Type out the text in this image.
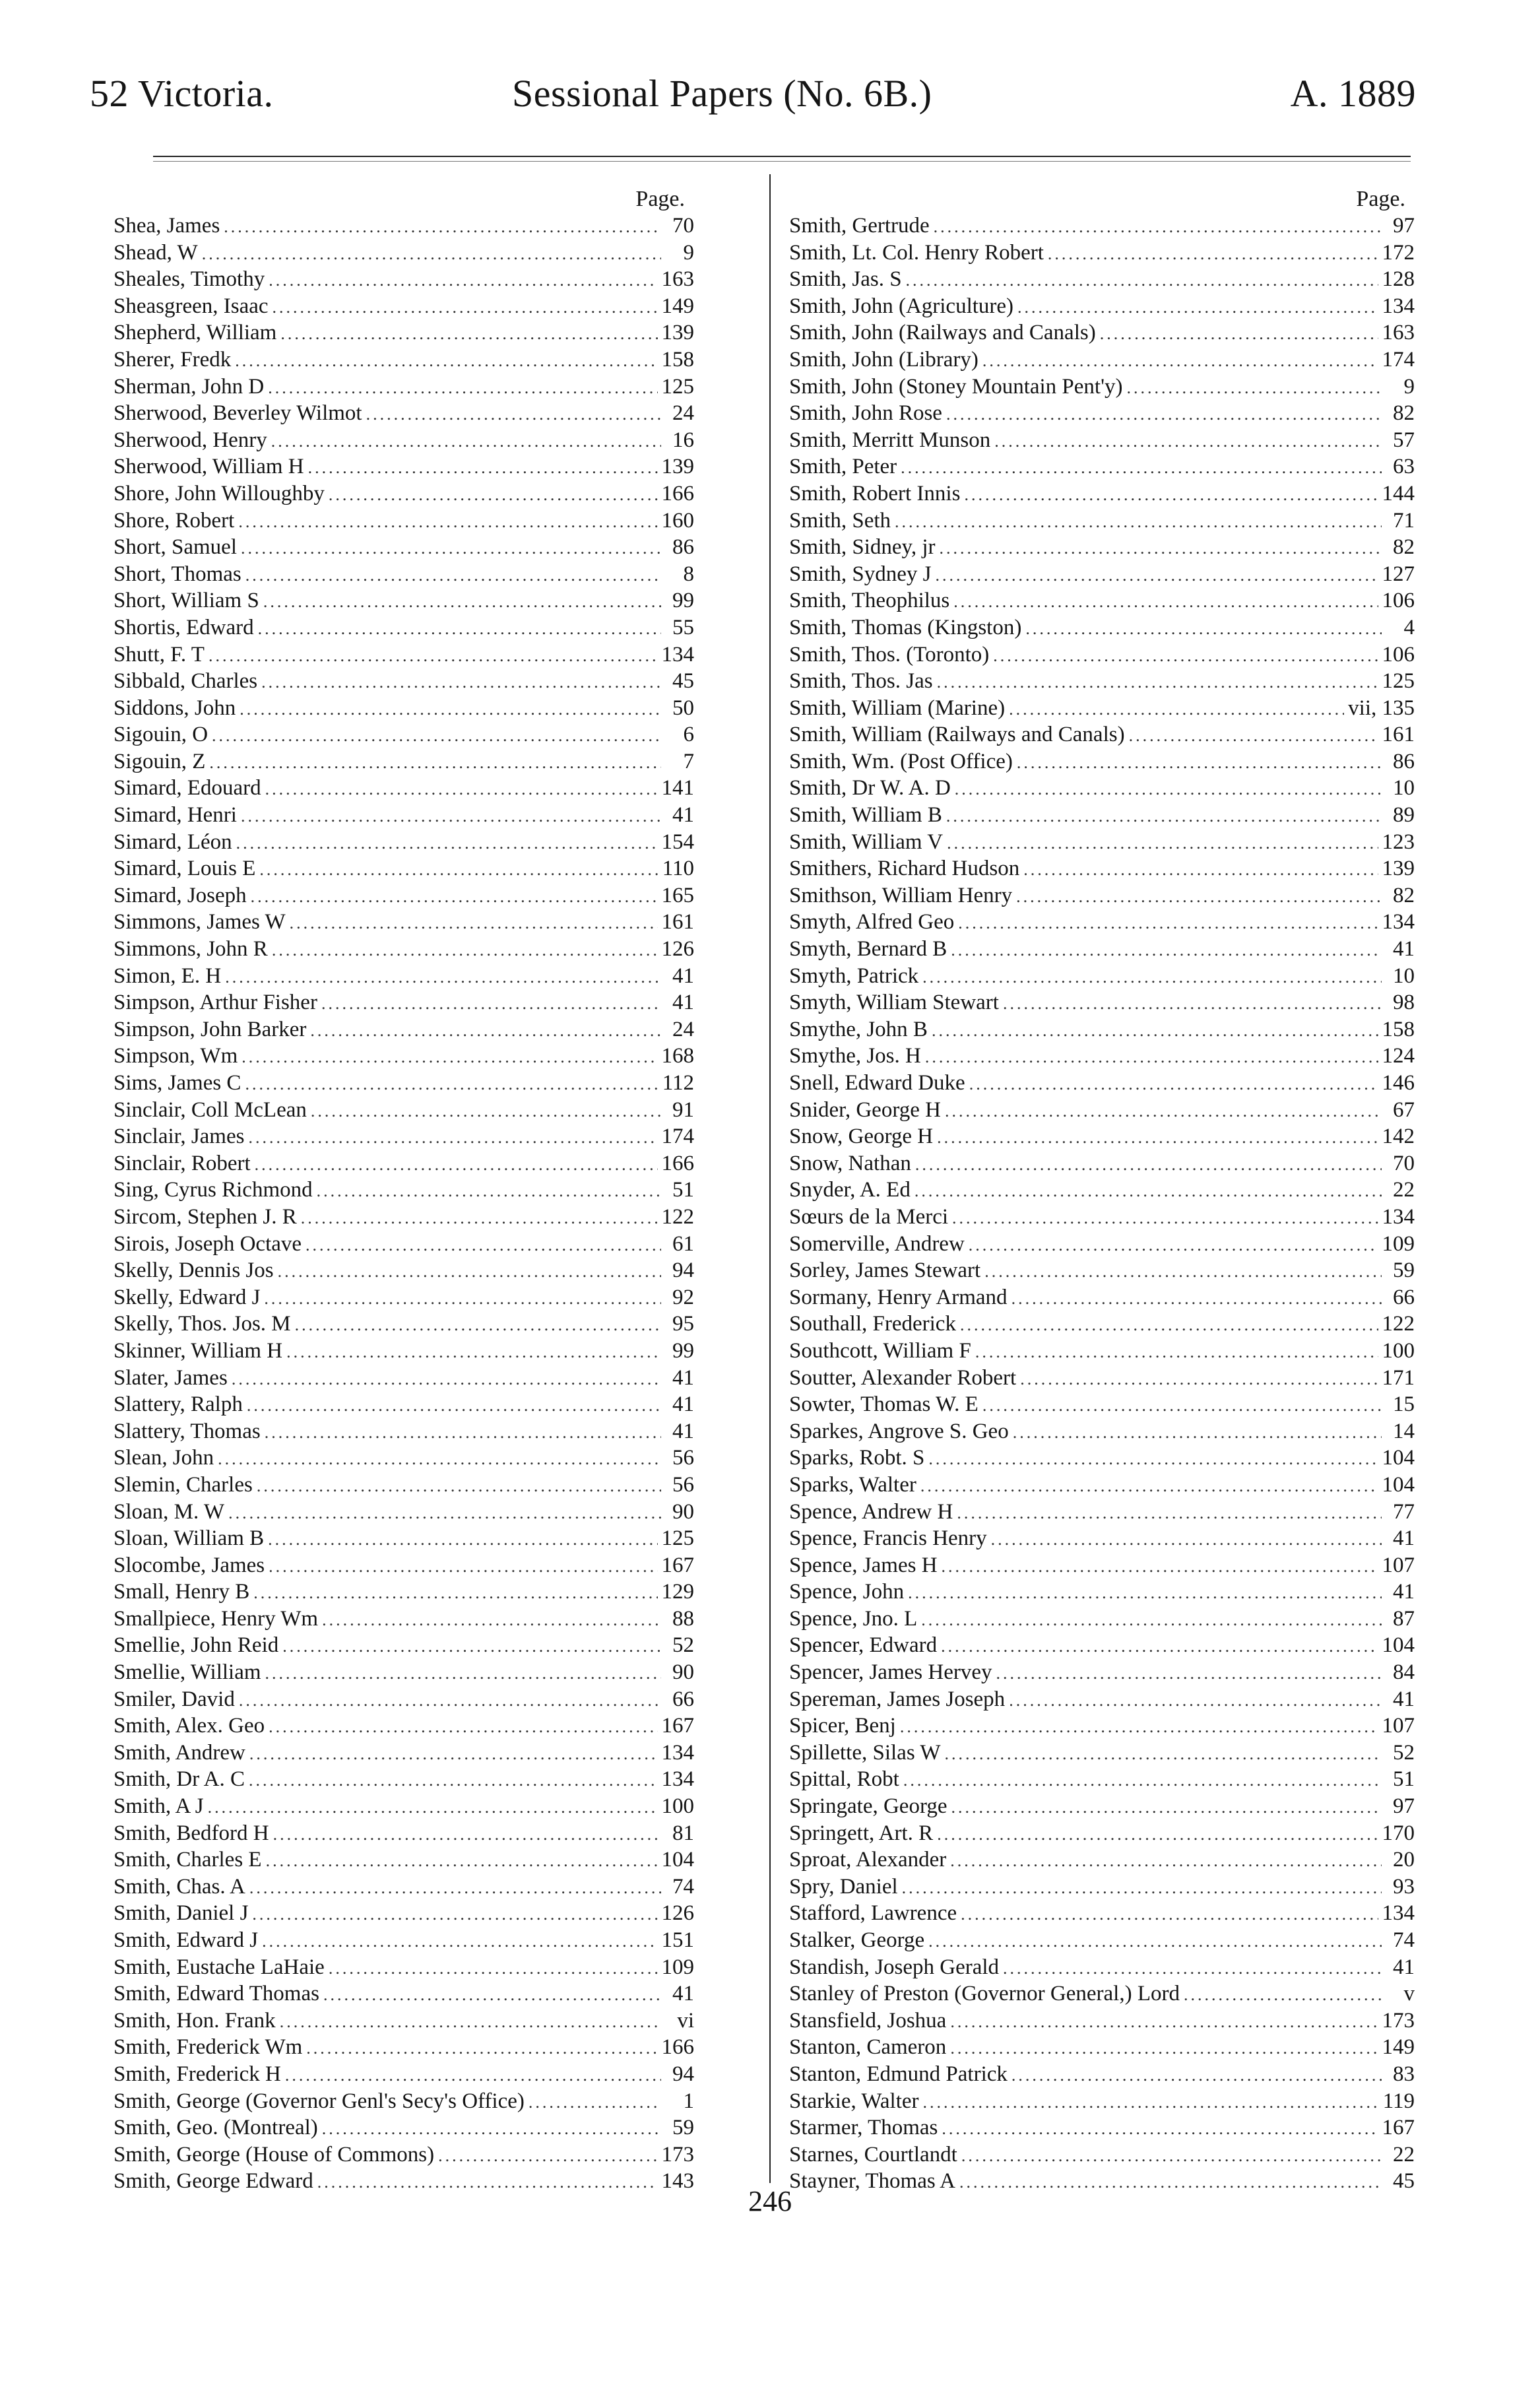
52 Victoria.	Sessional Papers (No. 6B.)	A. 1889
Page.
Shea, James .....	70
Shead, W .....	9
Sheales, Timothy .....	163
Sheasgreen, Isaac .....	149
Shepherd, William .....	139
Sherer, Fredk .....	158
Sherman, John D .....	125
Sherwood, Beverley Wilmot .....	24
Sherwood, Henry .....	16
Sherwood, William H .....	139
Shore, John Willoughby .....	166
Shore, Robert .....	160
Short, Samuel .....	86
Short, Thomas .....	8
Short, William S .....	99
Shortis, Edward .....	55
Shutt, F. T .....	134
Sibbald, Charles .....	45
Siddons, John .....	50
Sigouin, O .....	6
Sigouin, Z .....	7
Simard, Edouard .....	141
Simard, Henri .....	41
Simard, Léon .....	154
Simard, Louis E .....	110
Simard, Joseph .....	165
Simmons, James W .....	161
Simmons, John R .....	126
Simon, E. H .....	41
Simpson, Arthur Fisher .....	41
Simpson, John Barker .....	24
Simpson, Wm .....	168
Sims, James C .....	112
Sinclair, Coll McLean .....	91
Sinclair, James .....	174
Sinclair, Robert .....	166
Sing, Cyrus Richmond .....	51
Sircom, Stephen J. R .....	122
Sirois, Joseph Octave .....	61
Skelly, Dennis Jos .....	94
Skelly, Edward J .....	92
Skelly, Thos. Jos. M .....	95
Skinner, William H .....	99
Slater, James .....	41
Slattery, Ralph .....	41
Slattery, Thomas .....	41
Slean, John .....	56
Slemin, Charles .....	56
Sloan, M. W .....	90
Sloan, William B .....	125
Slocombe, James .....	167
Small, Henry B .....	129
Smallpiece, Henry Wm .....	88
Smellie, John Reid .....	52
Smellie, William .....	90
Smiler, David .....	66
Smith, Alex. Geo .....	167
Smith, Andrew .....	134
Smith, Dr A. C .....	134
Smith, A J .....	100
Smith, Bedford H .....	81
Smith, Charles E .....	104
Smith, Chas. A .....	74
Smith, Daniel J .....	126
Smith, Edward J .....	151
Smith, Eustache LaHaie .....	109
Smith, Edward Thomas .....	41
Smith, Hon. Frank .....	vi
Smith, Frederick Wm .....	166
Smith, Frederick H .....	94
Smith, George (Governor Genl's Secy's Office) .....	1
Smith, Geo. (Montreal) .....	59
Smith, George (House of Commons) .....	173
Smith, George Edward .....	143
Page.
Smith, Gertrude .....	97
Smith, Lt. Col. Henry Robert .....	172
Smith, Jas. S .....	128
Smith, John (Agriculture) .....	134
Smith, John (Railways and Canals) .....	163
Smith, John (Library) .....	174
Smith, John (Stoney Mountain Pent'y) .....	9
Smith, John Rose .....	82
Smith, Merritt Munson .....	57
Smith, Peter .....	63
Smith, Robert Innis .....	144
Smith, Seth .....	71
Smith, Sidney, jr .....	82
Smith, Sydney J .....	127
Smith, Theophilus .....	106
Smith, Thomas (Kingston) .....	4
Smith, Thos. (Toronto) .....	106
Smith, Thos. Jas .....	125
Smith, William (Marine) .....	vii, 135
Smith, William (Railways and Canals) .....	161
Smith, Wm. (Post Office) .....	86
Smith, Dr W. A. D .....	10
Smith, William B .....	89
Smith, William V .....	123
Smithers, Richard Hudson .....	139
Smithson, William Henry .....	82
Smyth, Alfred Geo .....	134
Smyth, Bernard B .....	41
Smyth, Patrick .....	10
Smyth, William Stewart .....	98
Smythe, John B .....	158
Smythe, Jos. H .....	124
Snell, Edward Duke .....	146
Snider, George H .....	67
Snow, George H .....	142
Snow, Nathan .....	70
Snyder, A. Ed .....	22
Sœurs de la Merci .....	134
Somerville, Andrew .....	109
Sorley, James Stewart .....	59
Sormany, Henry Armand .....	66
Southall, Frederick .....	122
Southcott, William F .....	100
Soutter, Alexander Robert .....	171
Sowter, Thomas W. E .....	15
Sparkes, Angrove S. Geo .....	14
Sparks, Robt. S .....	104
Sparks, Walter .....	104
Spence, Andrew H .....	77
Spence, Francis Henry .....	41
Spence, James H .....	107
Spence, John .....	41
Spence, Jno. L .....	87
Spencer, Edward .....	104
Spencer, James Hervey .....	84
Spereman, James Joseph .....	41
Spicer, Benj .....	107
Spillette, Silas W .....	52
Spittal, Robt .....	51
Springate, George .....	97
Springett, Art. R .....	170
Sproat, Alexander .....	20
Spry, Daniel .....	93
Stafford, Lawrence .....	134
Stalker, George .....	74
Standish, Joseph Gerald .....	41
Stanley of Preston (Governor General,) Lord .....	v
Stansfield, Joshua .....	173
Stanton, Cameron .....	149
Stanton, Edmund Patrick .....	83
Starkie, Walter .....	119
Starmer, Thomas .....	167
Starnes, Courtlandt .....	22
Stayner, Thomas A .....	45
246
